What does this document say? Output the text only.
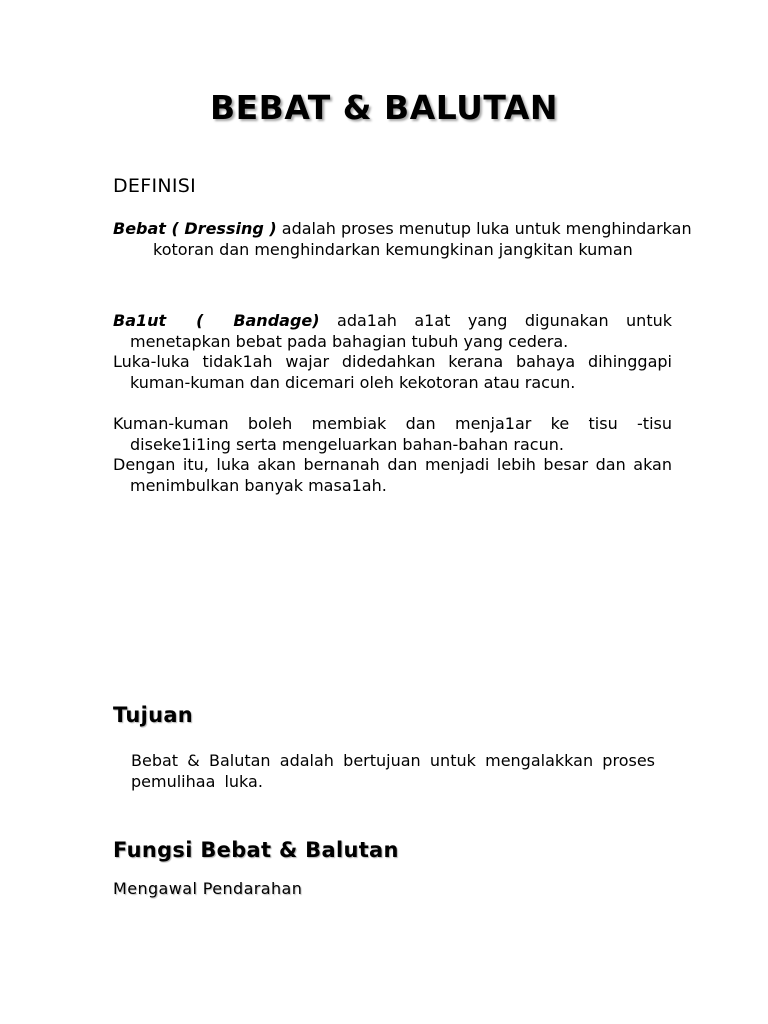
BEBAT & BALUTAN
DEFINISI
Bebat ( Dressing ) adalah proses menutup luka untuk menghindarkan kotoran dan menghindarkan kemungkinan jangkitan kuman
Ba1ut ( Bandage) ada1ah a1at yang digunakan untuk menetapkan bebat pada bahagian tubuh yang cedera.
Luka-luka tidak1ah wajar didedahkan kerana bahaya dihinggapi kuman-kuman dan dicemari oleh kekotoran atau racun.
Kuman-kuman boleh membiak dan menja1ar ke tisu -tisu diseke1i1ing serta mengeluarkan bahan-bahan racun.
Dengan itu, luka akan bernanah dan menjadi lebih besar dan akan menimbulkan banyak masa1ah.
Tujuan
Bebat & Balutan adalah bertujuan untuk mengalakkan proses pemulihaa luka.
Fungsi Bebat & Balutan
Mengawal Pendarahan
